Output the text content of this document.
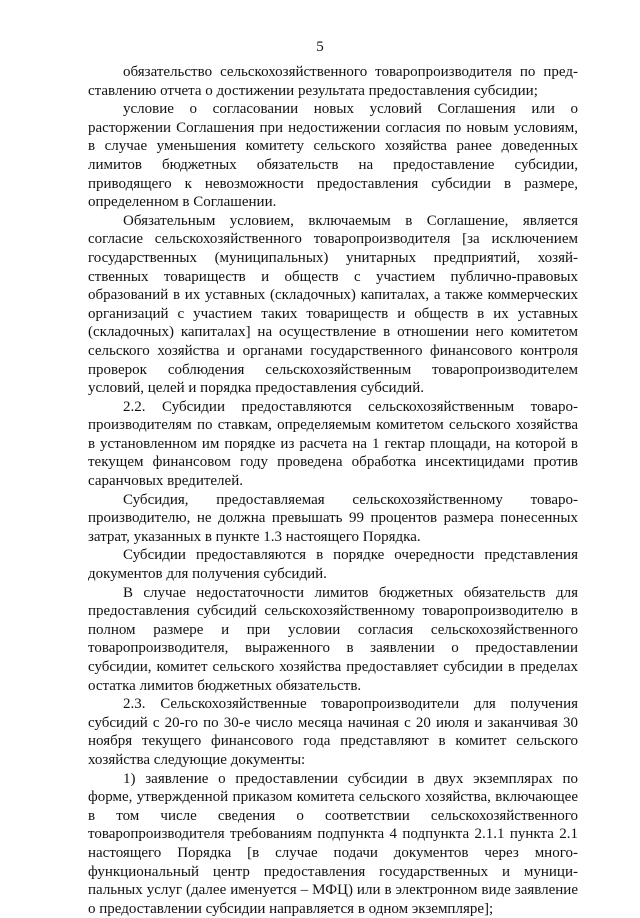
5

обязательство сельскохозяйственного товаропроизводителя по пред-ставлению отчета о достижении результата предоставления субсидии;

условие о согласовании новых условий Соглашения или о расторжении Соглашения при недостижении согласия по новым условиям, в случае уменьшения комитету сельского хозяйства ранее доведенных лимитов бюджетных обязательств на предоставление субсидии, приводящего к невозможности предоставления субсидии в размере, определенном в Соглашении.

Обязательным условием, включаемым в Соглашение, является согласие сельскохозяйственного товаропроизводителя [за исключением государственных (муниципальных) унитарных предприятий, хозяй-ственных товариществ и обществ с участием публично-правовых образований в их уставных (складочных) капиталах, а также коммерческих организаций с участием таких товариществ и обществ в их уставных (складочных) капиталах] на осуществление в отношении него комитетом сельского хозяйства и органами государственного финансового контроля проверок соблюдения сельскохозяйственным товаропроизводителем условий, целей и порядка предоставления субсидий.

2.2. Субсидии предоставляются сельскохозяйственным товаро-производителям по ставкам, определяемым комитетом сельского хозяйства в установленном им порядке из расчета на 1 гектар площади, на которой в текущем финансовом году проведена обработка инсектицидами против саранчовых вредителей.

Субсидия, предоставляемая сельскохозяйственному товаро-производителю, не должна превышать 99 процентов размера понесенных затрат, указанных в пункте 1.3 настоящего Порядка.

Субсидии предоставляются в порядке очередности представления документов для получения субсидий.

В случае недостаточности лимитов бюджетных обязательств для предоставления субсидий сельскохозяйственному товаропроизводителю в полном размере и при условии согласия сельскохозяйственного товаропроизводителя, выраженного в заявлении о предоставлении субсидии, комитет сельского хозяйства предоставляет субсидии в пределах остатка лимитов бюджетных обязательств.

2.3. Сельскохозяйственные товаропроизводители для получения субсидий с 20-го по 30-е число месяца начиная с 20 июля и заканчивая 30 ноября текущего финансового года представляют в комитет сельского хозяйства следующие документы:

1) заявление о предоставлении субсидии в двух экземплярах по форме, утвержденной приказом комитета сельского хозяйства, включающее в том числе сведения о соответствии сельскохозяйственного товаропроизводителя требованиям подпункта 4 подпункта 2.1.1 пункта 2.1 настоящего Порядка [в случае подачи документов через много-функциональный центр предоставления государственных и муници-пальных услуг (далее именуется – МФЦ) или в электронном виде заявление о предоставлении субсидии направляется в одном экземпляре];
